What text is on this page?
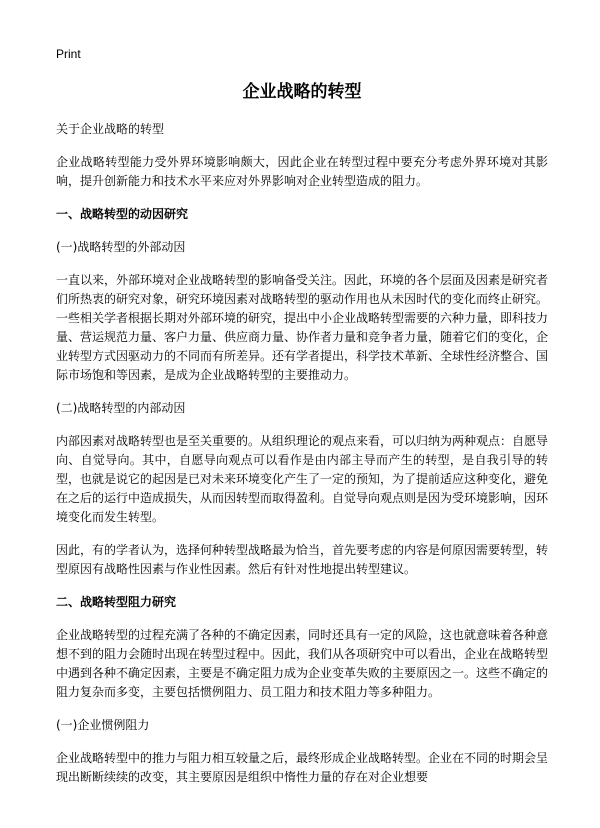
Print
企业战略的转型

关于企业战略的转型

企业战略转型能力受外界环境影响颇大，因此企业在转型过程中要充分考虑外界环境对其影响，提升创新能力和技术水平来应对外界影响对企业转型造成的阻力。

一、战略转型的动因研究

(一)战略转型的外部动因

一直以来，外部环境对企业战略转型的影响备受关注。因此，环境的各个层面及因素是研究者们所热衷的研究对象，研究环境因素对战略转型的驱动作用也从未因时代的变化而终止研究。一些相关学者根据长期对外部环境的研究，提出中小企业战略转型需要的六种力量，即科技力量、营运规范力量、客户力量、供应商力量、协作者力量和竞争者力量，随着它们的变化，企业转型方式因驱动力的不同而有所差异。还有学者提出，科学技术革新、全球性经济整合、国际市场饱和等因素，是成为企业战略转型的主要推动力。

(二)战略转型的内部动因

内部因素对战略转型也是至关重要的。从组织理论的观点来看，可以归纳为两种观点：自愿导向、自觉导向。其中，自愿导向观点可以看作是由内部主导而产生的转型，是自我引导的转型，也就是说它的起因是已对未来环境变化产生了一定的预知，为了提前适应这种变化，避免在之后的运行中造成损失，从而因转型而取得盈利。自觉导向观点则是因为受环境影响，因环境变化而发生转型。

因此，有的学者认为，选择何种转型战略最为恰当，首先要考虑的内容是何原因需要转型，转型原因有战略性因素与作业性因素。然后有针对性地提出转型建议。

二、战略转型阻力研究

企业战略转型的过程充满了各种的不确定因素，同时还具有一定的风险，这也就意味着各种意想不到的阻力会随时出现在转型过程中。因此，我们从各项研究中可以看出，企业在战略转型中遇到各种不确定因素，主要是不确定阻力成为企业变革失败的主要原因之一。这些不确定的阻力复杂而多变，主要包括惯例阻力、员工阻力和技术阻力等多种阻力。

(一)企业惯例阻力

企业战略转型中的推力与阻力相互较量之后，最终形成企业战略转型。企业在不同的时期会呈现出断断续续的改变，其主要原因是组织中惰性力量的存在对企业想要
